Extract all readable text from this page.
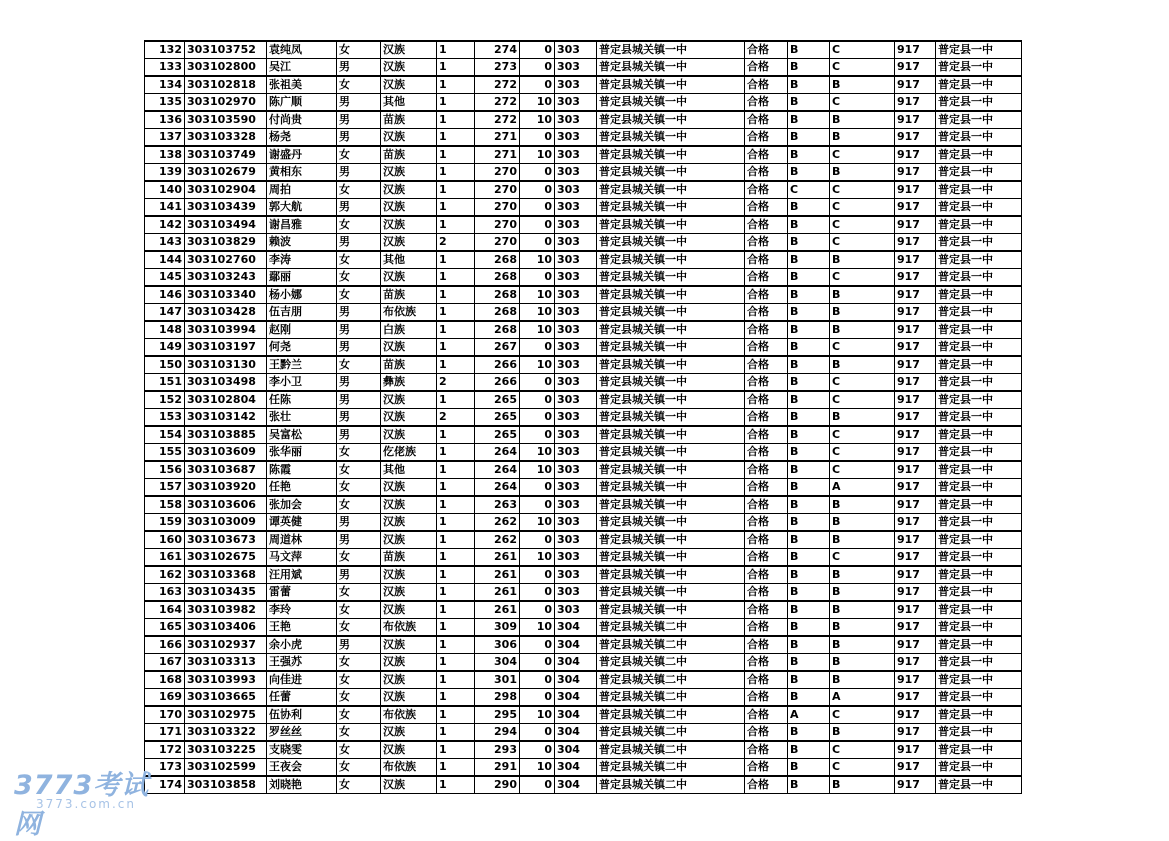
132	303103752	袁纯凤	女	汉族	1	274	0	303	普定县城关镇一中	合格	B	C	917	普定县一中
133	303102800	吴江	男	汉族	1	273	0	303	普定县城关镇一中	合格	B	C	917	普定县一中
134	303102818	张祖美	女	汉族	1	272	0	303	普定县城关镇一中	合格	B	B	917	普定县一中
135	303102970	陈广顺	男	其他	1	272	10	303	普定县城关镇一中	合格	B	C	917	普定县一中
136	303103590	付尚贵	男	苗族	1	272	10	303	普定县城关镇一中	合格	B	B	917	普定县一中
137	303103328	杨尧	男	汉族	1	271	0	303	普定县城关镇一中	合格	B	B	917	普定县一中
138	303103749	谢盛丹	女	苗族	1	271	10	303	普定县城关镇一中	合格	B	C	917	普定县一中
139	303102679	黄相东	男	汉族	1	270	0	303	普定县城关镇一中	合格	B	B	917	普定县一中
140	303102904	周拍	女	汉族	1	270	0	303	普定县城关镇一中	合格	C	C	917	普定县一中
141	303103439	郭大航	男	汉族	1	270	0	303	普定县城关镇一中	合格	B	C	917	普定县一中
142	303103494	谢昌雅	女	汉族	1	270	0	303	普定县城关镇一中	合格	B	C	917	普定县一中
143	303103829	赖波	男	汉族	2	270	0	303	普定县城关镇一中	合格	B	C	917	普定县一中
144	303102760	李涛	女	其他	1	268	10	303	普定县城关镇一中	合格	B	B	917	普定县一中
145	303103243	鄢丽	女	汉族	1	268	0	303	普定县城关镇一中	合格	B	C	917	普定县一中
146	303103340	杨小娜	女	苗族	1	268	10	303	普定县城关镇一中	合格	B	B	917	普定县一中
147	303103428	伍吉朋	男	布依族	1	268	10	303	普定县城关镇一中	合格	B	B	917	普定县一中
148	303103994	赵刚	男	白族	1	268	10	303	普定县城关镇一中	合格	B	B	917	普定县一中
149	303103197	何尧	男	汉族	1	267	0	303	普定县城关镇一中	合格	B	C	917	普定县一中
150	303103130	王黔兰	女	苗族	1	266	10	303	普定县城关镇一中	合格	B	B	917	普定县一中
151	303103498	李小卫	男	彝族	2	266	0	303	普定县城关镇一中	合格	B	C	917	普定县一中
152	303102804	任陈	男	汉族	1	265	0	303	普定县城关镇一中	合格	B	C	917	普定县一中
153	303103142	张壮	男	汉族	2	265	0	303	普定县城关镇一中	合格	B	B	917	普定县一中
154	303103885	吴富松	男	汉族	1	265	0	303	普定县城关镇一中	合格	B	C	917	普定县一中
155	303103609	张华丽	女	仡佬族	1	264	10	303	普定县城关镇一中	合格	B	C	917	普定县一中
156	303103687	陈霞	女	其他	1	264	10	303	普定县城关镇一中	合格	B	C	917	普定县一中
157	303103920	任艳	女	汉族	1	264	0	303	普定县城关镇一中	合格	B	A	917	普定县一中
158	303103606	张加会	女	汉族	1	263	0	303	普定县城关镇一中	合格	B	B	917	普定县一中
159	303103009	谭英健	男	汉族	1	262	10	303	普定县城关镇一中	合格	B	B	917	普定县一中
160	303103673	周道林	男	汉族	1	262	0	303	普定县城关镇一中	合格	B	B	917	普定县一中
161	303102675	马文萍	女	苗族	1	261	10	303	普定县城关镇一中	合格	B	C	917	普定县一中
162	303103368	汪用斌	男	汉族	1	261	0	303	普定县城关镇一中	合格	B	B	917	普定县一中
163	303103435	雷蕾	女	汉族	1	261	0	303	普定县城关镇一中	合格	B	B	917	普定县一中
164	303103982	李玲	女	汉族	1	261	0	303	普定县城关镇一中	合格	B	B	917	普定县一中
165	303103406	王艳	女	布依族	1	309	10	304	普定县城关镇二中	合格	B	B	917	普定县一中
166	303102937	余小虎	男	汉族	1	306	0	304	普定县城关镇二中	合格	B	B	917	普定县一中
167	303103313	王强苏	女	汉族	1	304	0	304	普定县城关镇二中	合格	B	B	917	普定县一中
168	303103993	向佳进	女	汉族	1	301	0	304	普定县城关镇二中	合格	B	B	917	普定县一中
169	303103665	任蕾	女	汉族	1	298	0	304	普定县城关镇二中	合格	B	A	917	普定县一中
170	303102975	伍协利	女	布依族	1	295	10	304	普定县城关镇二中	合格	A	C	917	普定县一中
171	303103322	罗丝丝	女	汉族	1	294	0	304	普定县城关镇二中	合格	B	B	917	普定县一中
172	303103225	支晓雯	女	汉族	1	293	0	304	普定县城关镇二中	合格	B	C	917	普定县一中
173	303102599	王夜会	女	布依族	1	291	10	304	普定县城关镇二中	合格	B	C	917	普定县一中
174	303103858	刘晓艳	女	汉族	1	290	0	304	普定县城关镇二中	合格	B	B	917	普定县一中
3773考试网
3773.com.cn
